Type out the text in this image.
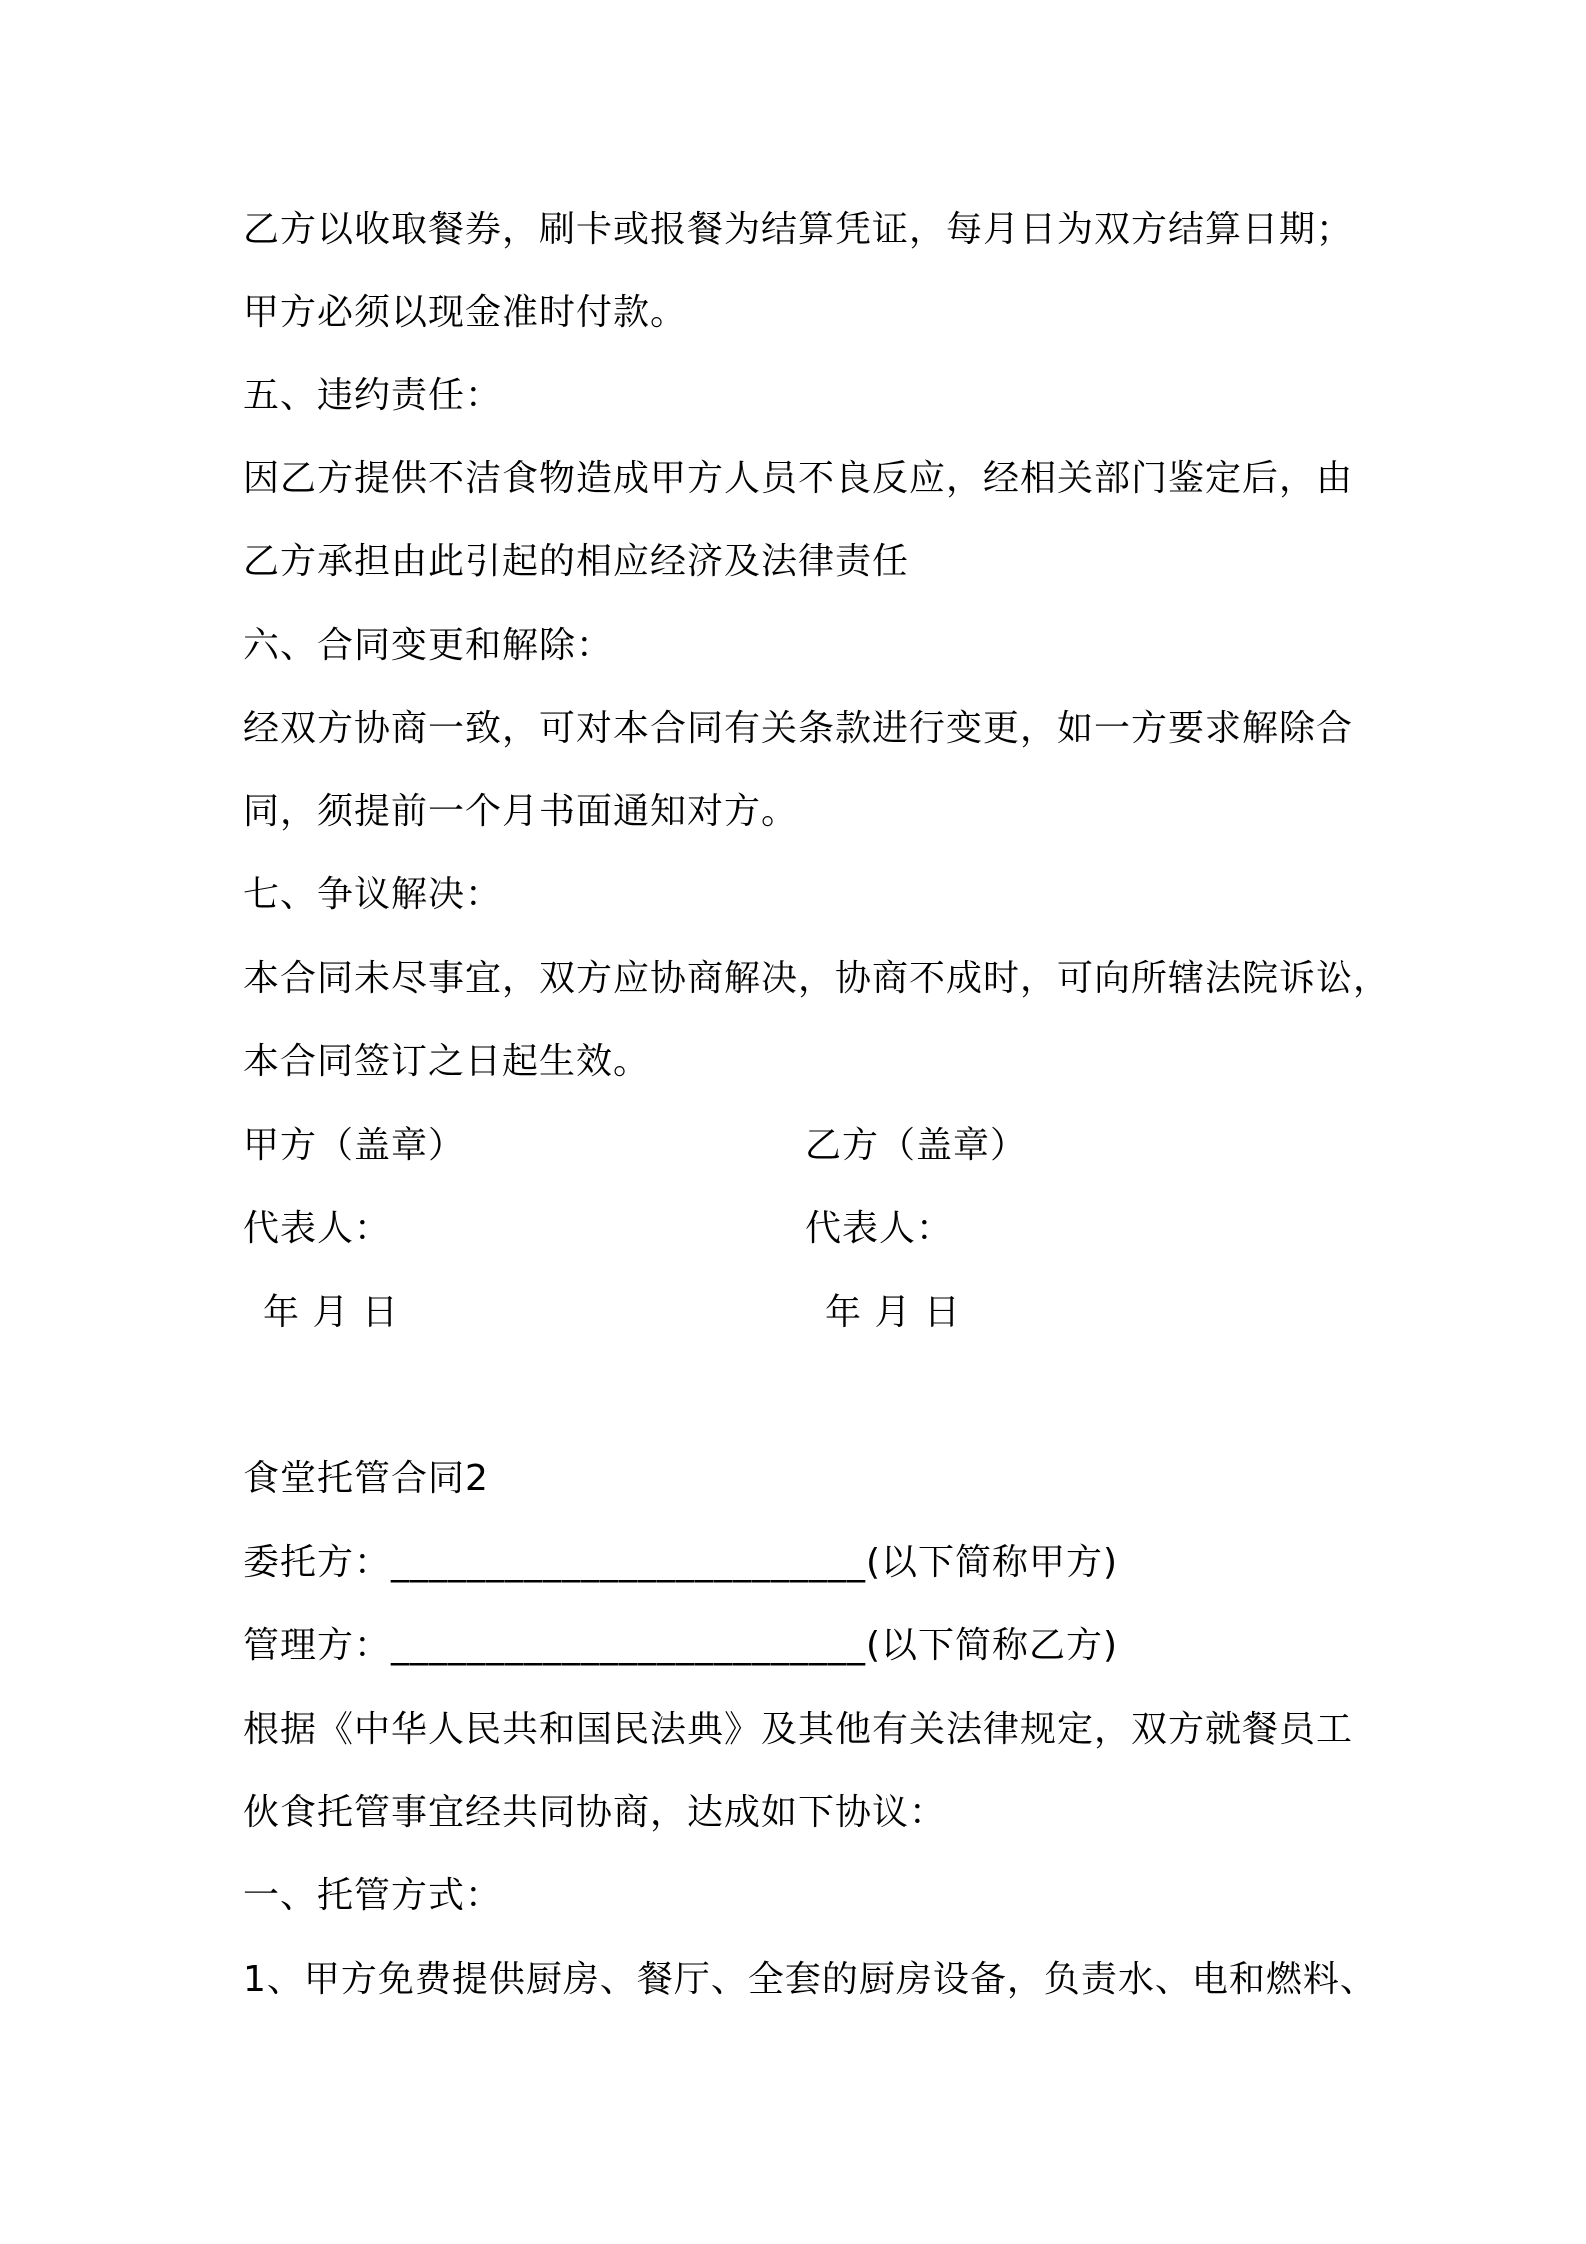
乙方以收取餐券，刷卡或报餐为结算凭证，每月日为双方结算日期；
甲方必须以现金准时付款。
五、违约责任：
因乙方提供不洁食物造成甲方人员不良反应，经相关部门鉴定后，由
乙方承担由此引起的相应经济及法律责任
六、合同变更和解除：
经双方协商一致，可对本合同有关条款进行变更，如一方要求解除合
同，须提前一个月书面通知对方。
七、争议解决：
本合同未尽事宜，双方应协商解决，协商不成时，可向所辖法院诉讼，
本合同签订之日起生效。
甲方（盖章）	乙方（盖章）
代表人：	代表人：
年 月 日	年 月 日
食堂托管合同2
委托方：_________________________(以下简称甲方)
管理方：_________________________(以下简称乙方)
根据《中华人民共和国民法典》及其他有关法律规定，双方就餐员工
伙食托管事宜经共同协商，达成如下协议：
一、托管方式：
1、甲方免费提供厨房、餐厅、全套的厨房设备，负责水、电和燃料、
